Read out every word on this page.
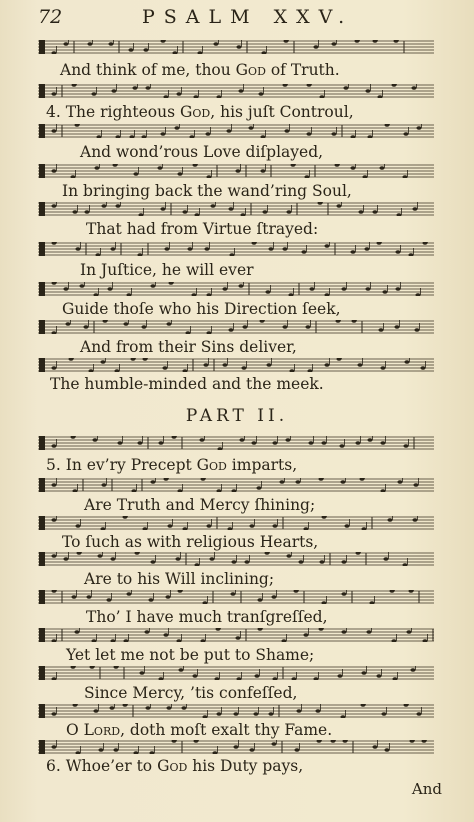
72	PSALM XXV.
And think of me, thou God of Truth.
4. The righteous God, his juſt Controul,
And wond’rous Love diſplayed,
In bringing back the wand’ring Soul,
That had from Virtue ſtrayed:
In Juſtice, he will ever
Guide thoſe who his Direction ſeek,
And from their Sins deliver,
The humble-minded and the meek.
PART II.
5. In ev’ry Precept God imparts,
Are Truth and Mercy ſhining;
To ſuch as with religious Hearts,
Are to his Will inclining;
Tho’ I have much tranſgreſſed,
Yet let me not be put to Shame;
Since Mercy, ’tis confeſſed,
O Lord, doth moſt exalt thy Fame.
6. Whoe’er to God his Duty pays,
And
